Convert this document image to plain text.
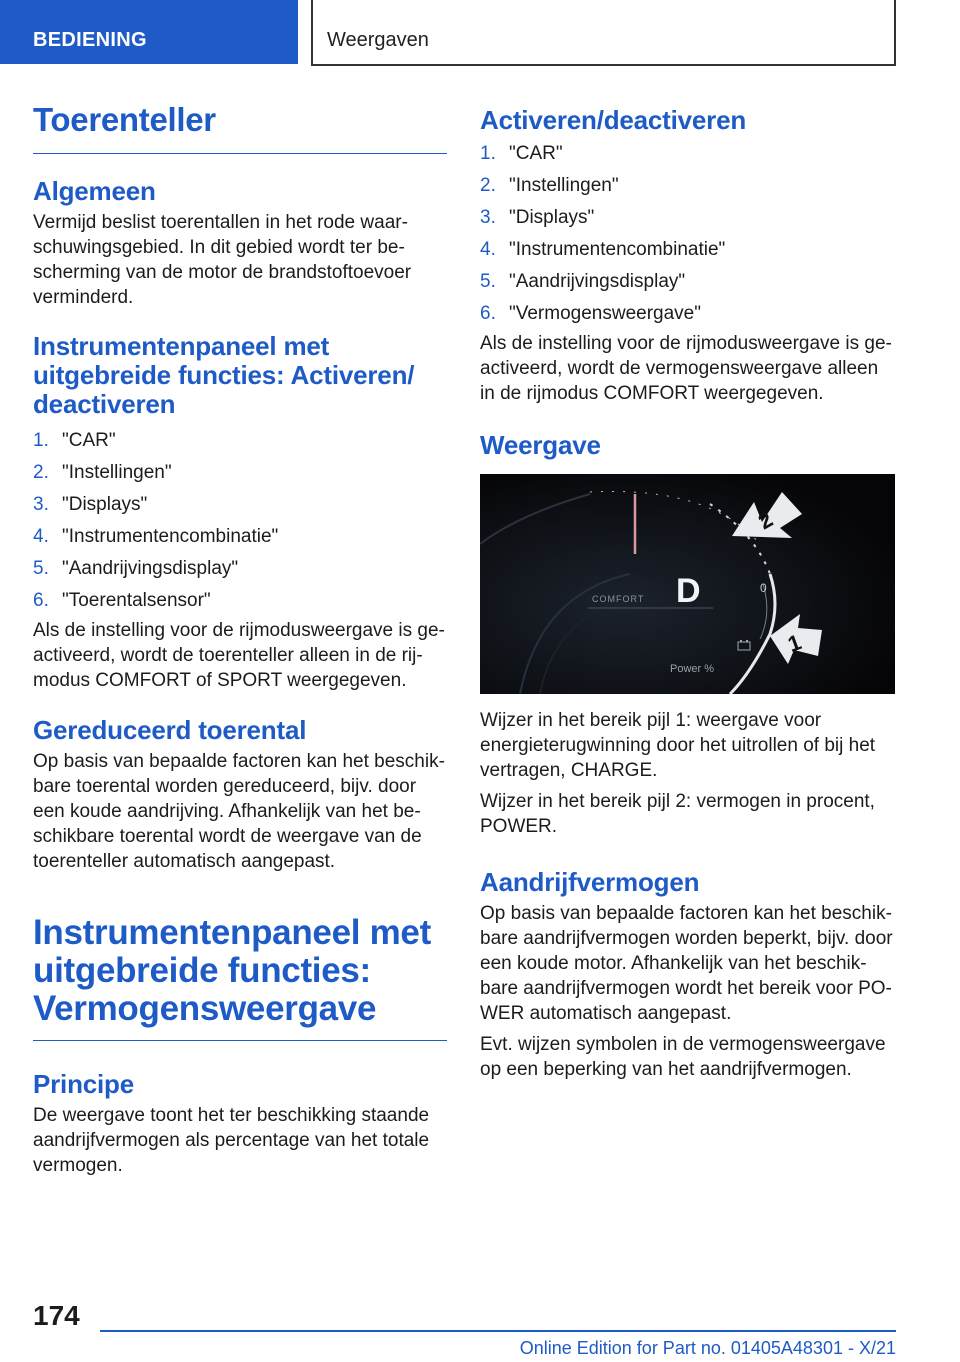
BEDIENING	Weergaven
Toerenteller
Algemeen
Vermijd beslist toerentallen in het rode waarschuwingsgebied. In dit gebied wordt ter bescherming van de motor de brandstoftoevoer verminderd.
Instrumentenpaneel met uitgebreide functies: Activeren/ deactiveren
1. "CAR"
2. "Instellingen"
3. "Displays"
4. "Instrumentencombinatie"
5. "Aandrijvingsdisplay"
6. "Toerentalsensor"
Als de instelling voor de rijmodusweergave is geactiveerd, wordt de toerenteller alleen in de rijmodus COMFORT of SPORT weergegeven.
Gereduceerd toerental
Op basis van bepaalde factoren kan het beschikbare toerental worden gereduceerd, bijv. door een koude aandrijving. Afhankelijk van het beschikbare toerental wordt de weergave van de toerenteller automatisch aangepast.
Instrumentenpaneel met uitgebreide functies: Vermogensweergave
Principe
De weergave toont het ter beschikking staande aandrijfvermogen als percentage van het totale vermogen.
Activeren/deactiveren
1. "CAR"
2. "Instellingen"
3. "Displays"
4. "Instrumentencombinatie"
5. "Aandrijvingsdisplay"
6. "Vermogensweergave"
Als de instelling voor de rijmodusweergave is geactiveerd, wordt de vermogensweergave alleen in de rijmodus COMFORT weergegeven.
Weergave
COMFORT D	0
Power %
2
1
Wijzer in het bereik pijl 1: weergave voor energieterugwinning door het uitrollen of bij het vertragen, CHARGE.
Wijzer in het bereik pijl 2: vermogen in procent, POWER.
Aandrijfvermogen
Op basis van bepaalde factoren kan het beschikbare aandrijfvermogen worden beperkt, bijv. door een koude motor. Afhankelijk van het beschikbare aandrijfvermogen wordt het bereik voor POWER automatisch aangepast.
Evt. wijzen symbolen in de vermogensweergave op een beperking van het aandrijfvermogen.
174
Online Edition for Part no. 01405A48301 - X/21
